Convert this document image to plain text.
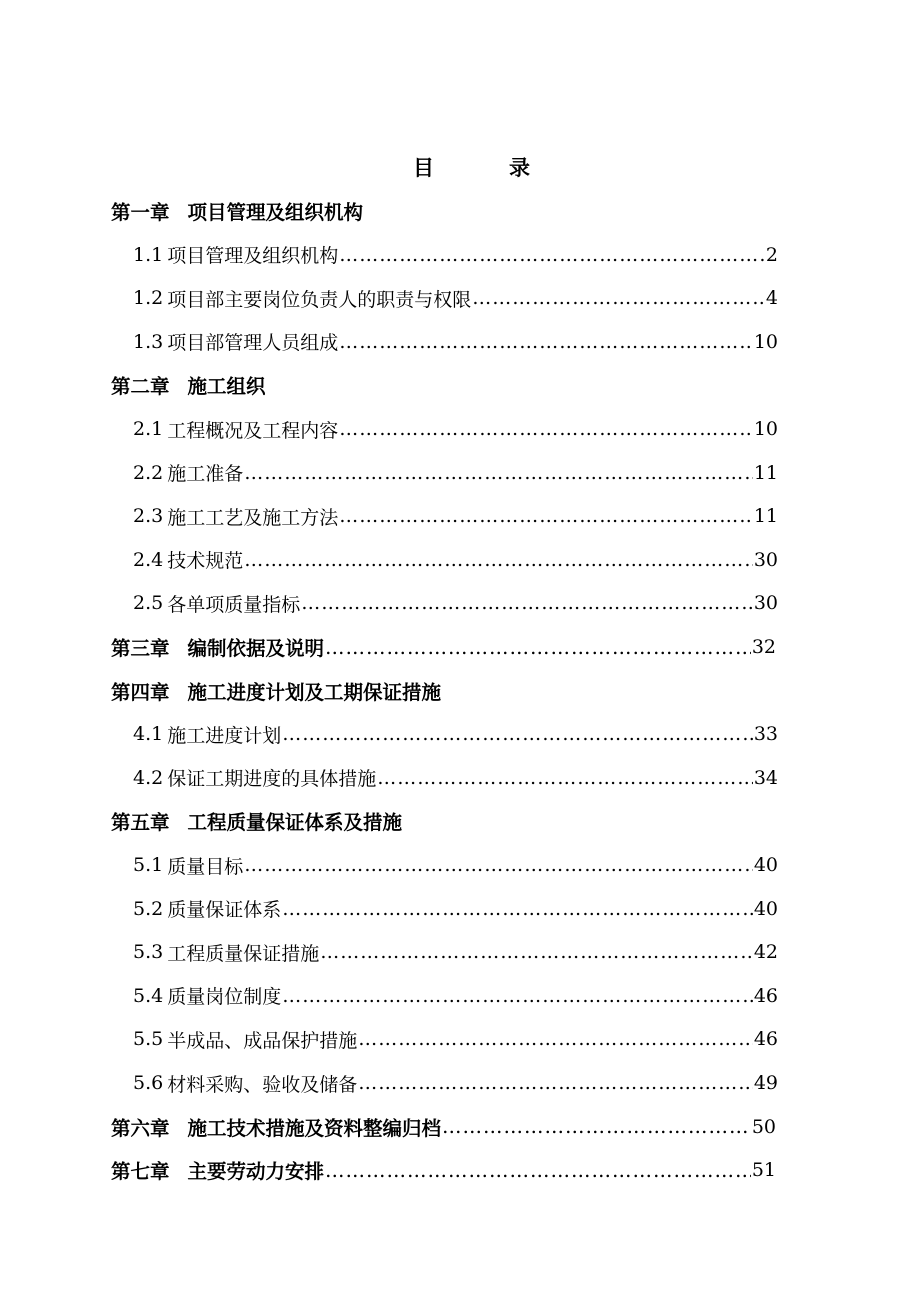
目	录
第一章 项目管理及组织机构
1.1 项目管理及组织机构 ………………………………………………………………………………………………………………………………………………………………………………………	2
1.2 项目部主要岗位负责人的职责与权限 ………………………………………………………………………………………………………………………………………………………………………………………	4
1.3 项目部管理人员组成 ………………………………………………………………………………………………………………………………………………………………………………………	10
第二章 施工组织
2.1 工程概况及工程内容 ………………………………………………………………………………………………………………………………………………………………………………………	10
2.2 施工准备 ………………………………………………………………………………………………………………………………………………………………………………………	11
2.3 施工工艺及施工方法 ………………………………………………………………………………………………………………………………………………………………………………………	11
2.4 技术规范 ………………………………………………………………………………………………………………………………………………………………………………………	30
2.5 各单项质量指标 ………………………………………………………………………………………………………………………………………………………………………………………	30
第三章 编制依据及说明 ………………………………………………………………………………………………………………………………………………………………………………………	32
第四章 施工进度计划及工期保证措施
4.1 施工进度计划 ………………………………………………………………………………………………………………………………………………………………………………………	33
4.2 保证工期进度的具体措施 ………………………………………………………………………………………………………………………………………………………………………………………	34
第五章 工程质量保证体系及措施
5.1 质量目标 ………………………………………………………………………………………………………………………………………………………………………………………	40
5.2 质量保证体系 ………………………………………………………………………………………………………………………………………………………………………………………	40
5.3 工程质量保证措施 ………………………………………………………………………………………………………………………………………………………………………………………	42
5.4 质量岗位制度 ………………………………………………………………………………………………………………………………………………………………………………………	46
5.5 半成品、成品保护措施 ………………………………………………………………………………………………………………………………………………………………………………………	46
5.6 材料采购、验收及储备 ………………………………………………………………………………………………………………………………………………………………………………………	49
第六章 施工技术措施及资料整编归档 ………………………………………………………………………………………………………………………………………………………………………………………	50
第七章 主要劳动力安排 ………………………………………………………………………………………………………………………………………………………………………………………	51
